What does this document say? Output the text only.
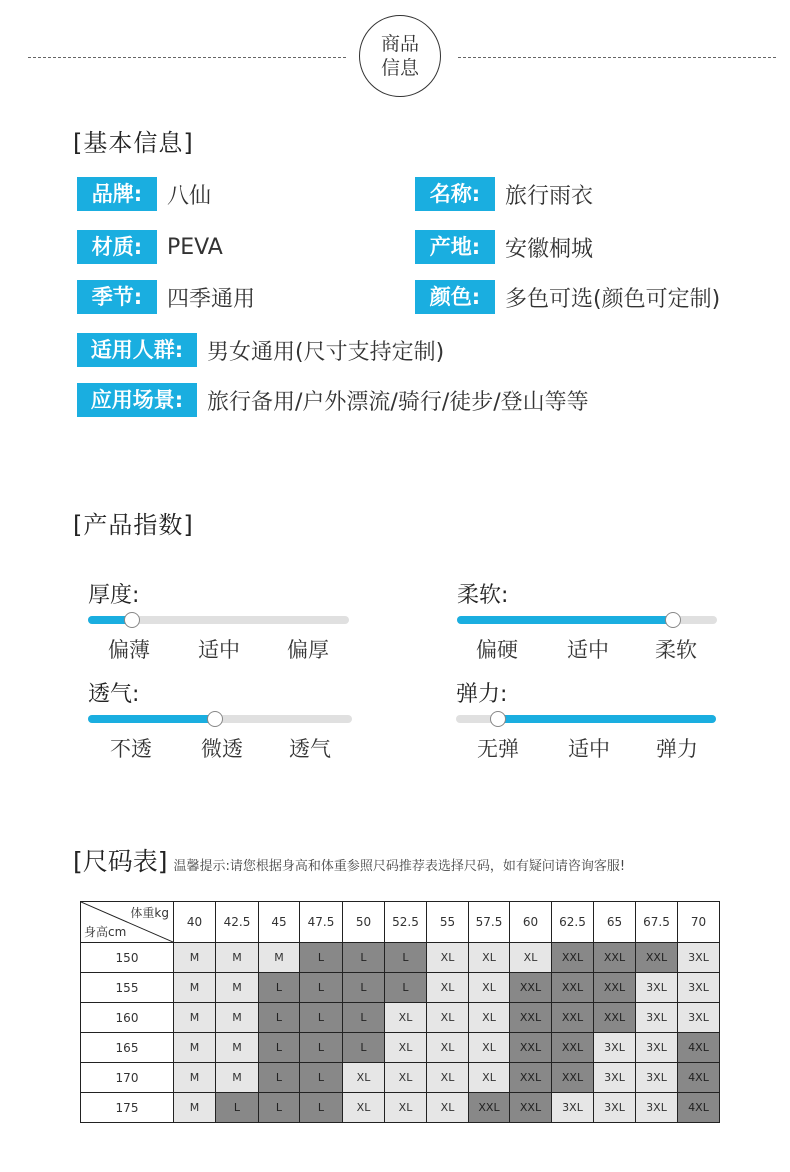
商品
信息
[基本信息]
品牌:	八仙	名称:	旅行雨衣
材质:	PEVA	产地:	安徽桐城
季节:	四季通用	颜色:	多色可选(颜色可定制)
适用人群:	男女通用(尺寸支持定制)
应用场景:	旅行备用/户外漂流/骑行/徒步/登山等等
[产品指数]
厚度:
偏薄 适中 偏厚
柔软:
偏硬 适中 柔软
透气:
不透 微透 透气
弹力:
无弹 适中 弹力
[尺码表] 温馨提示:请您根据身高和体重参照尺码推荐表选择尺码，如有疑问请咨询客服!
体重kg
身高cm	40	42.5	45	47.5	50	52.5	55	57.5	60	62.5	65	67.5	70
150	M	M	M	L	L	L	XL	XL	XL	XXL	XXL	XXL	3XL
155	M	M	L	L	L	L	XL	XL	XXL	XXL	XXL	3XL	3XL
160	M	M	L	L	L	XL	XL	XL	XXL	XXL	XXL	3XL	3XL
165	M	M	L	L	L	XL	XL	XL	XXL	XXL	3XL	3XL	4XL
170	M	M	L	L	XL	XL	XL	XL	XXL	XXL	3XL	3XL	4XL
175	M	L	L	L	XL	XL	XL	XXL	XXL	3XL	3XL	3XL	4XL
